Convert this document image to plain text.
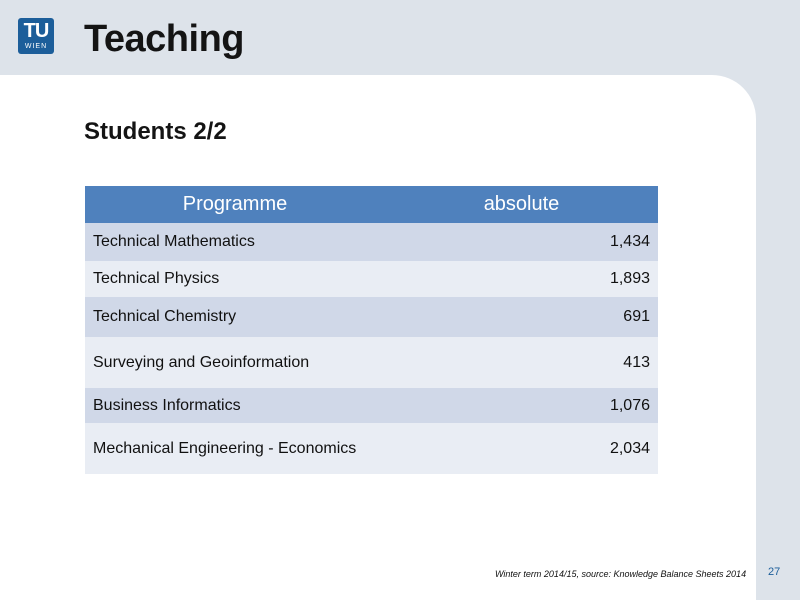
TU
WIEN Teaching
Students 2/2
Programme	absolute
Technical Mathematics	1,434
Technical Physics	1,893
Technical Chemistry	691
Surveying and Geoinformation	413
Business Informatics	1,076
Mechanical Engineering - Economics	2,034
Winter term 2014/15, source: Knowledge Balance Sheets 2014 27
